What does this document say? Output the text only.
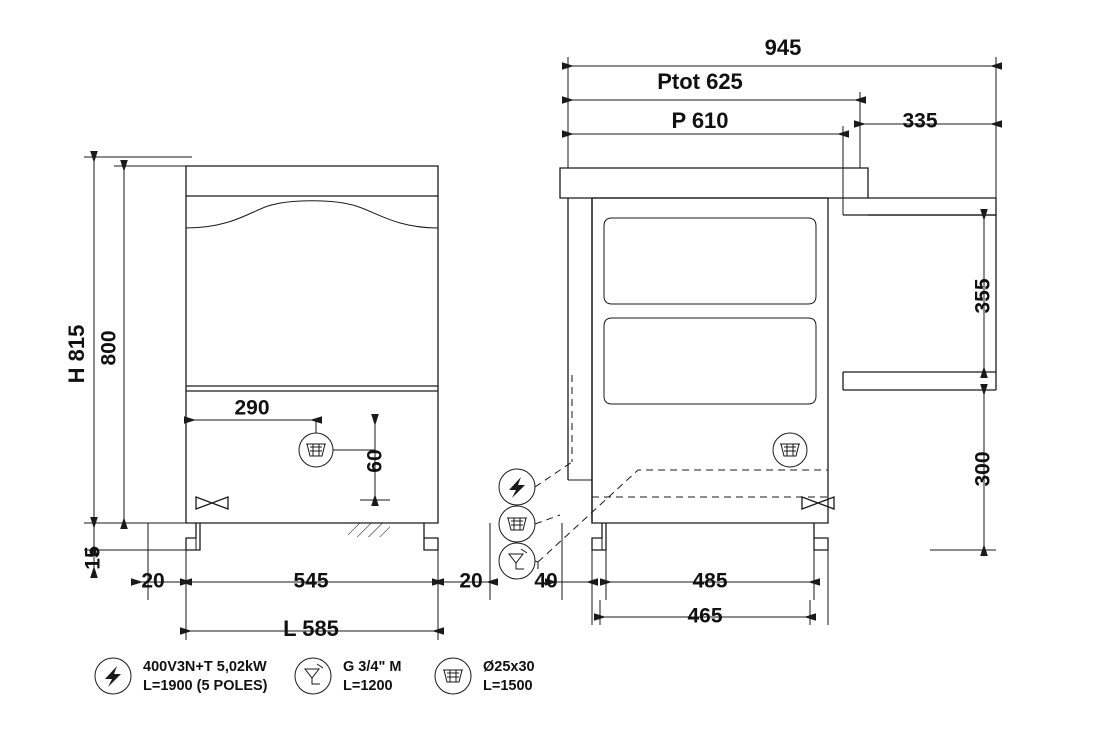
H 815 800
15
290
60
20	545	20
L 585
945
Ptot 625
P 610	335
355
300
40	485
465
400V3N+T 5,02kW
L=1900 (5 POLES)
G 3/4" M
L=1200
Ø25x30
L=1500
